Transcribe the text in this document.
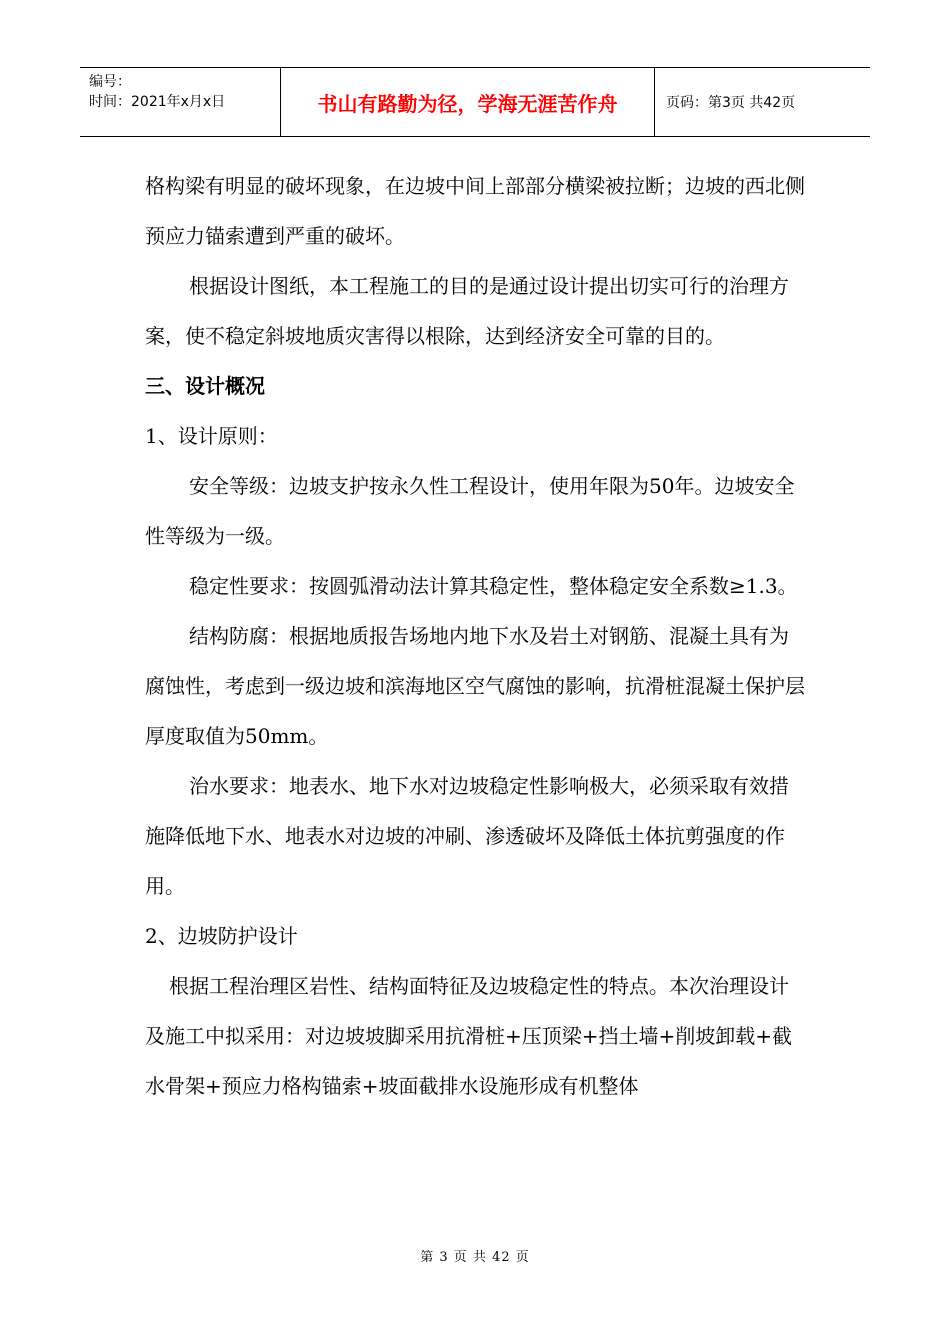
编号：
时间：2021年x月x日	书山有路勤为径，学海无涯苦作舟	页码：第3页 共42页

格构梁有明显的破坏现象，在边坡中间上部部分横梁被拉断；边坡的西北侧预应力锚索遭到严重的破坏。

根据设计图纸，本工程施工的目的是通过设计提出切实可行的治理方案，使不稳定斜坡地质灾害得以根除，达到经济安全可靠的目的。

三、设计概况

1、设计原则：

安全等级：边坡支护按永久性工程设计，使用年限为50年。边坡安全性等级为一级。

稳定性要求：按圆弧滑动法计算其稳定性，整体稳定安全系数≥1.3。

结构防腐：根据地质报告场地内地下水及岩土对钢筋、混凝土具有为腐蚀性，考虑到一级边坡和滨海地区空气腐蚀的影响，抗滑桩混凝土保护层厚度取值为50mm。

治水要求：地表水、地下水对边坡稳定性影响极大，必须采取有效措施降低地下水、地表水对边坡的冲刷、渗透破坏及降低土体抗剪强度的作用。

2、边坡防护设计

根据工程治理区岩性、结构面特征及边坡稳定性的特点。本次治理设计及施工中拟采用：对边坡坡脚采用抗滑桩+压顶梁+挡土墙+削坡卸载+截水骨架+预应力格构锚索+坡面截排水设施形成有机整体

第 3 页 共 42 页
